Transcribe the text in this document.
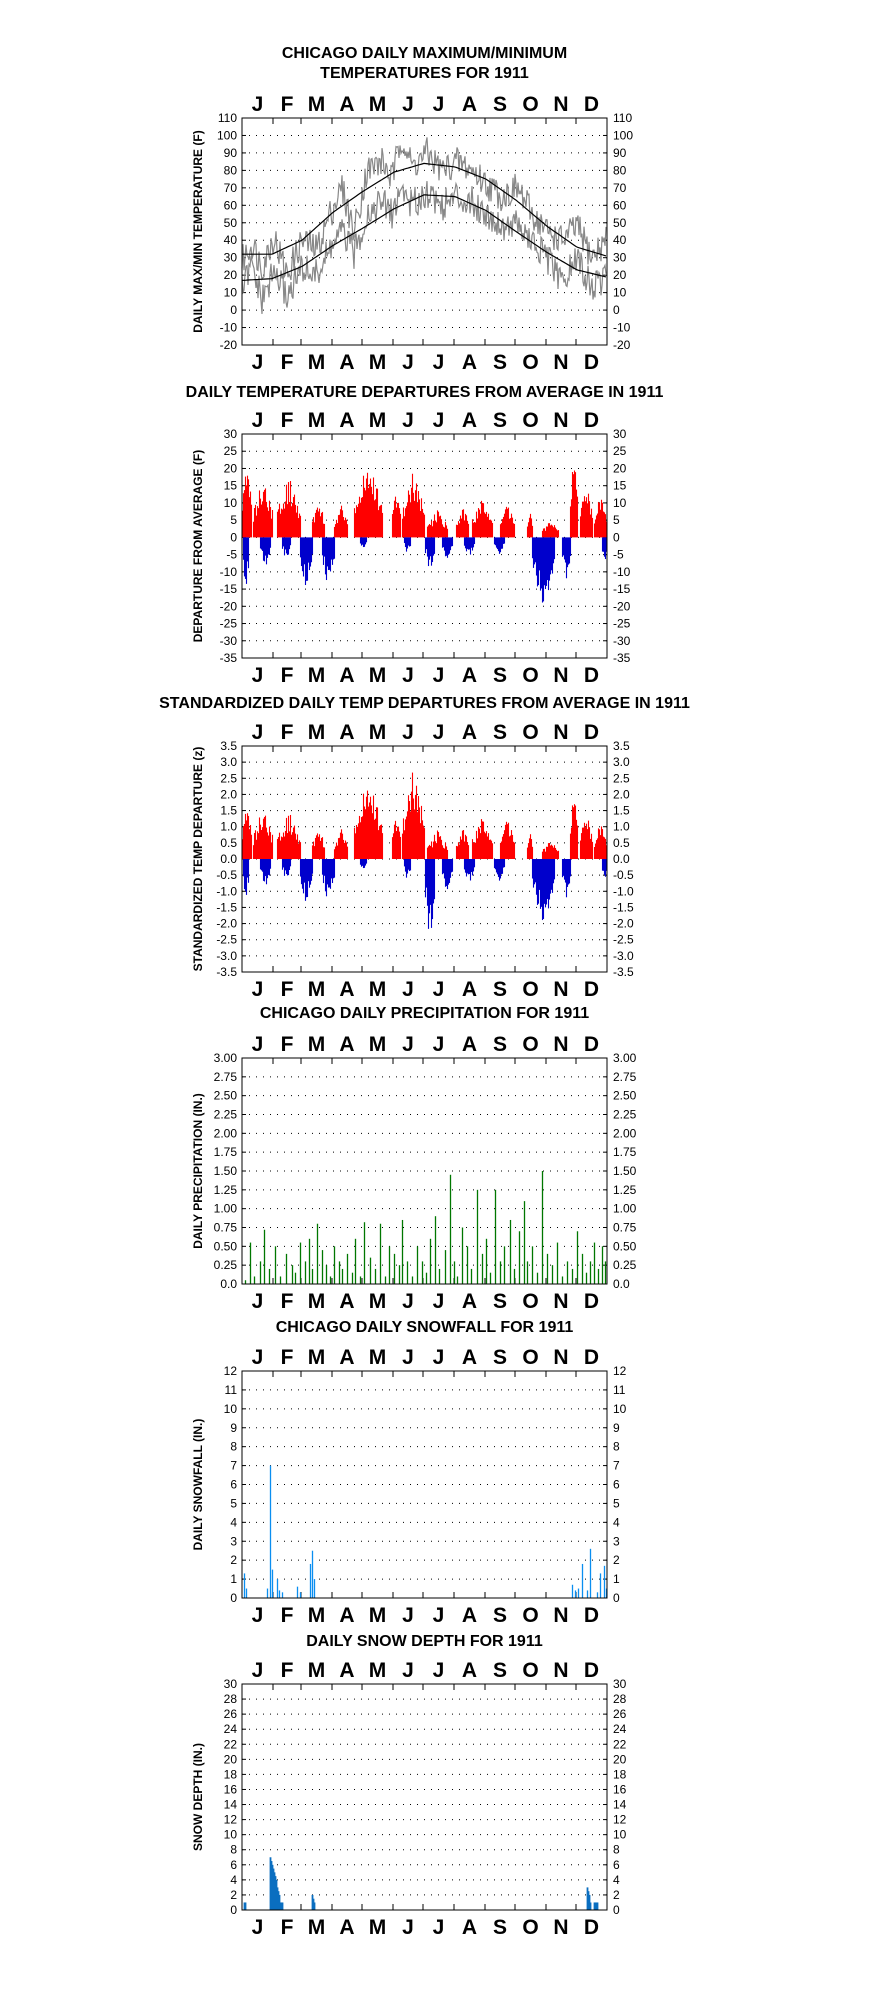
CHICAGO DAILY MAXIMUM/MINIMUM
TEMPERATURES FOR 1911
J
J
F
F
M
M
A
A
M
M
J
J
J
J
A
A
S
S
O
O
N
N
D
D
-20	-20
-10	-10
0	0
10	10
20	20
30	30
40	40
50	50
60	60
70	70
80	80
90	90
100	100
110	110
DAILY MAX/MIN TEMPERATURE (F)
DAILY TEMPERATURE DEPARTURES FROM AVERAGE IN 1911
J
J
F
F
M
M
A
A
M
M
J
J
J
J
A
A
S
S
O
O
N
N
D
D
-35	-35
-30	-30
-25	-25
-20	-20
-15	-15
-10	-10
-5	-5
0	0
5	5
10	10
15	15
20	20
25	25
30	30
DEPARTURE FROM AVERAGE (F)
STANDARDIZED DAILY TEMP DEPARTURES FROM AVERAGE IN 1911
J
J
F
F
M
M
A
A
M
M
J
J
J
J
A
A
S
S
O
O
N
N
D
D
-3.5	-3.5
-3.0	-3.0
-2.5	-2.5
-2.0	-2.0
-1.5	-1.5
-1.0	-1.0
-0.5	-0.5
0.0	0.0
0.5	0.5
1.0	1.0
1.5	1.5
2.0	2.0
2.5	2.5
3.0	3.0
3.5	3.5
STANDARDIZED TEMP DEPARTURE (z)
CHICAGO DAILY PRECIPITATION FOR 1911
J
J
F
F
M
M
A
A
M
M
J
J
J
J
A
A
S
S
O
O
N
N
D
D
0.0	0.0
0.25	0.25
0.50	0.50
0.75	0.75
1.00	1.00
1.25	1.25
1.50	1.50
1.75	1.75
2.00	2.00
2.25	2.25
2.50	2.50
2.75	2.75
3.00	3.00
DAILY PRECIPITATION (IN.)
CHICAGO DAILY SNOWFALL FOR 1911
J
J
F
F
M
M
A
A
M
M
J
J
J
J
A
A
S
S
O
O
N
N
D
D
0	0
1	1
2	2
3	3
4	4
5	5
6	6
7	7
8	8
9	9
10	10
11	11
12	12
DAILY SNOWFALL (IN.)
DAILY SNOW DEPTH FOR 1911
J
J
F
F
M
M
A
A
M
M
J
J
J
J
A
A
S
S
O
O
N
N
D
D
0	0
2	2
4	4
6	6
8	8
10	10
12	12
14	14
16	16
18	18
20	20
22	22
24	24
26	26
28	28
30	30
SNOW DEPTH (IN.)
